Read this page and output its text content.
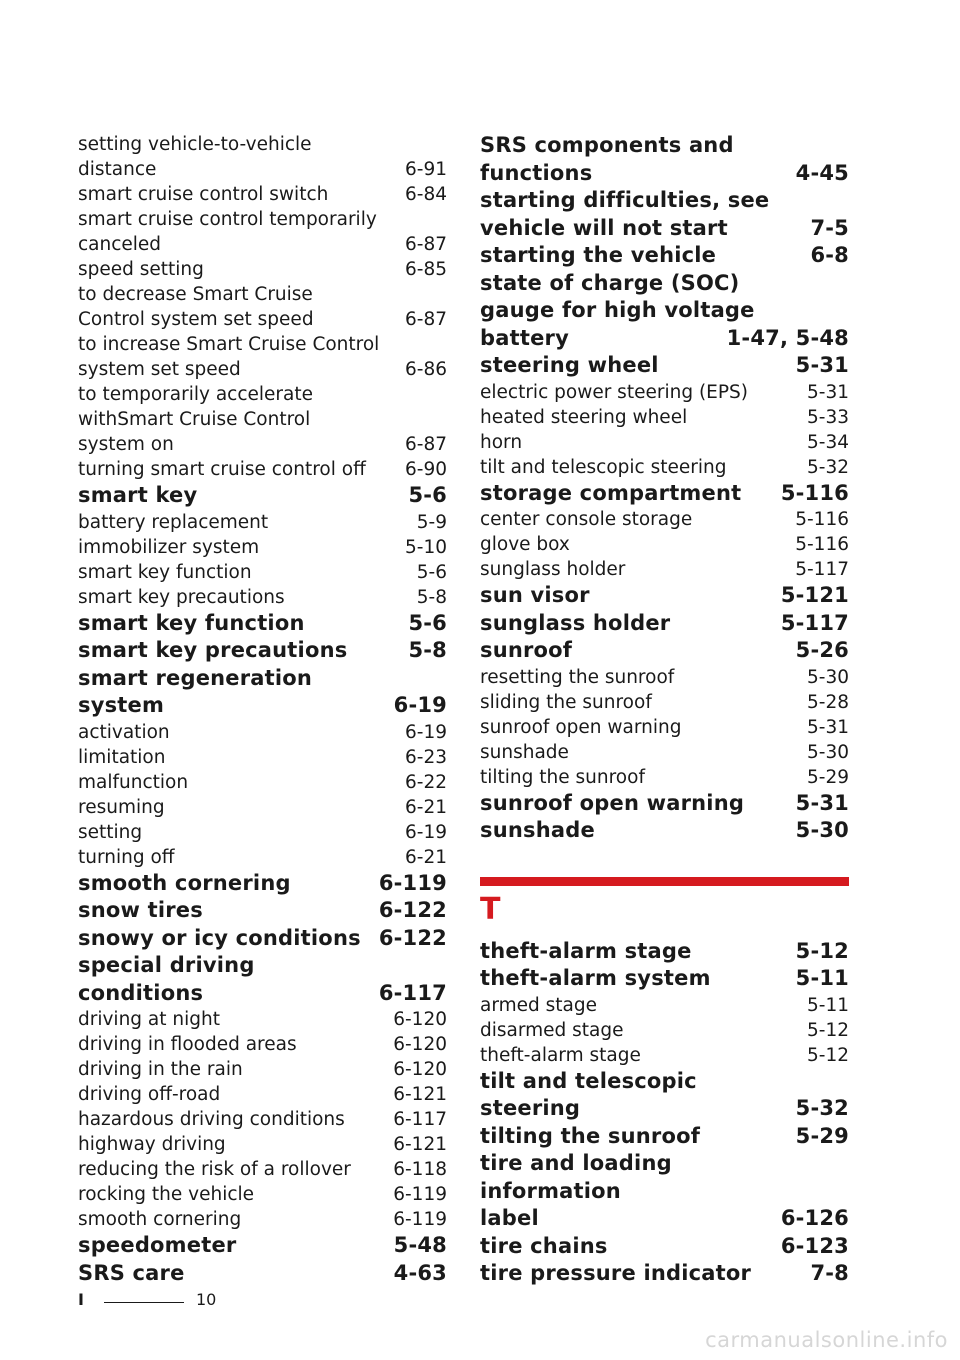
setting vehicle-to-vehicle
distance	6-91
smart cruise control switch	6-84
smart cruise control temporarily
canceled	6-87
speed setting	6-85
to decrease Smart Cruise
Control system set speed	6-87
to increase Smart Cruise Control
system set speed	6-86
to temporarily accelerate
withSmart Cruise Control
system on	6-87
turning smart cruise control off	6-90
smart key	5-6
battery replacement	5-9
immobilizer system	5-10
smart key function	5-6
smart key precautions	5-8
smart key function	5-6
smart key precautions	5-8
smart regeneration system	6-19
activation	6-19
limitation	6-23
malfunction	6-22
resuming	6-21
setting	6-19
turning off	6-21
smooth cornering	6-119
snow tires	6-122
snowy or icy conditions 6-122
special driving conditions	6-117
driving at night	6-120
driving in flooded areas	6-120
driving in the rain	6-120
driving off-road	6-121
hazardous driving conditions	6-117
highway driving	6-121
reducing the risk of a rollover	6-118
rocking the vehicle	6-119
smooth cornering	6-119
speedometer	5-48
SRS care	4-63
SRS components and
functions	4-45
starting difficulties, see
vehicle will not start	7-5
starting the vehicle	6-8
state of charge (SOC)
gauge for high voltage
battery	1-47, 5-48
steering wheel	5-31
electric power steering (EPS)	5-31
heated steering wheel	5-33
horn	5-34
tilt and telescopic steering	5-32
storage compartment	5-116
center console storage	5-116
glove box	5-116
sunglass holder	5-117
sun visor	5-121
sunglass holder	5-117
sunroof	5-26
resetting the sunroof	5-30
sliding the sunroof	5-28
sunroof open warning	5-31
sunshade	5-30
tilting the sunroof	5-29
sunroof open warning	5-31
sunshade	5-30
T
theft-alarm stage	5-12
theft-alarm system	5-11
armed stage	5-11
disarmed stage	5-12
theft-alarm stage	5-12
tilt and telescopic steering	5-32
tilting the sunroof	5-29
tire and loading information
label	6-126
tire chains	6-123
tire pressure indicator	7-8
I	10
carmanualsonline.info
